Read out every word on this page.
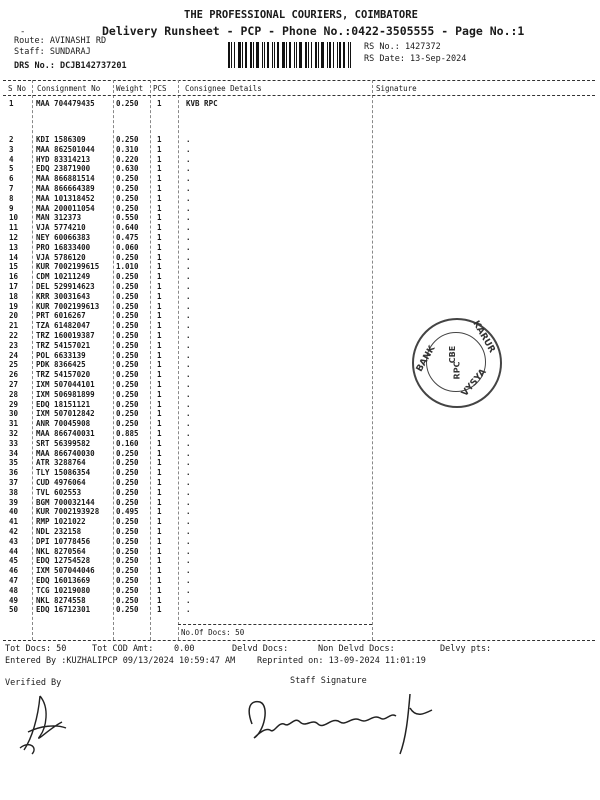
THE PROFESSIONAL COURIERS, COIMBATORE
-	Delivery Runsheet - PCP - Phone No.:0422-3505555 - Page No.:1
Route: AVINASHI RD
Staff: SUNDARAJ
DRS No.: DCJB142737201
RS No.: 1427372
RS Date: 13-Sep-2024
S No Consignment No Weight PCS Consignee Details	Signature
1	MAA 704479435	0.250 1	KVB RPC
2	KDI 1586309	0.250 1	.
3	MAA 862501044	0.310 1	.
4	HYD 83314213	0.220 1	.
5	EDQ 23871900	0.630 1	.
6	MAA 866881514	0.250 1	.
7	MAA 866664389	0.250 1	.
8	MAA 101318452	0.250 1	.
9	MAA 200011054	0.250 1	.
10 MAN 312373	0.550 1	.
11 VJA 5774210	0.640 1	.
12 NEY 60066383	0.475 1	.
13 PRO 16833400	0.060 1	.
14 VJA 5786120	0.250 1	.
15 KUR 7002199615 1.010 1	.
16 CDM 10211249	0.250 1	.
17 DEL 529914623	0.250 1	.
18 KRR 30031643	0.250 1	.
19 KUR 7002199613 0.250 1	.
20 PRT 6016267	0.250 1	.
21 TZA 61482047	0.250 1	.
22 TRZ 160019387	0.250 1	.
23 TRZ 54157021	0.250 1	.
24 POL 6633139	0.250 1	.
25 PDK 8366425	0.250 1	.
26 TRZ 54157020	0.250 1	.
27 IXM 507044101	0.250 1	.
28 IXM 506981899	0.250 1	.
29 EDQ 18151121	0.250 1	.
30 IXM 507012842	0.250 1	.
31 ANR 70045908	0.250 1	.
32 MAA 866740031	0.885 1	.
33 SRT 56399582	0.160 1	.
34 MAA 866740030	0.250 1	.
35 ATR 3288764	0.250 1	.
36 TLY 15086354	0.250 1	.
37 CUD 4976064	0.250 1	.
38 TVL 602553	0.250 1	.
39 BGM 700032144	0.250 1	.
40 KUR 7002193928 0.495 1	.
41 RMP 1021022	0.250 1	.
42 NDL 232158	0.250 1	.
43 DPI 10778456	0.250 1	.
44 NKL 8270564	0.250 1	.
45 EDQ 12754528	0.250 1	.
46 IXM 507044046	0.250 1	.
47 EDQ 16013669	0.250 1	.
48 TCG 10219080	0.250 1	.
49 NKL 8274558	0.250 1	.
50 EDQ 16712301	0.250 1	.
KARUR
VYSYA
BANK CBE
RPC
No.Of Docs: 50
Tot Docs: 50	Tot COD Amt: 0.00	Delvd Docs:	Non Delvd Docs:	Delvy pts:
Entered By :KUZHALIPCP 09/13/2024 10:59:47 AM	Reprinted on: 13-09-2024 11:01:19
Verified By	Staff Signature
